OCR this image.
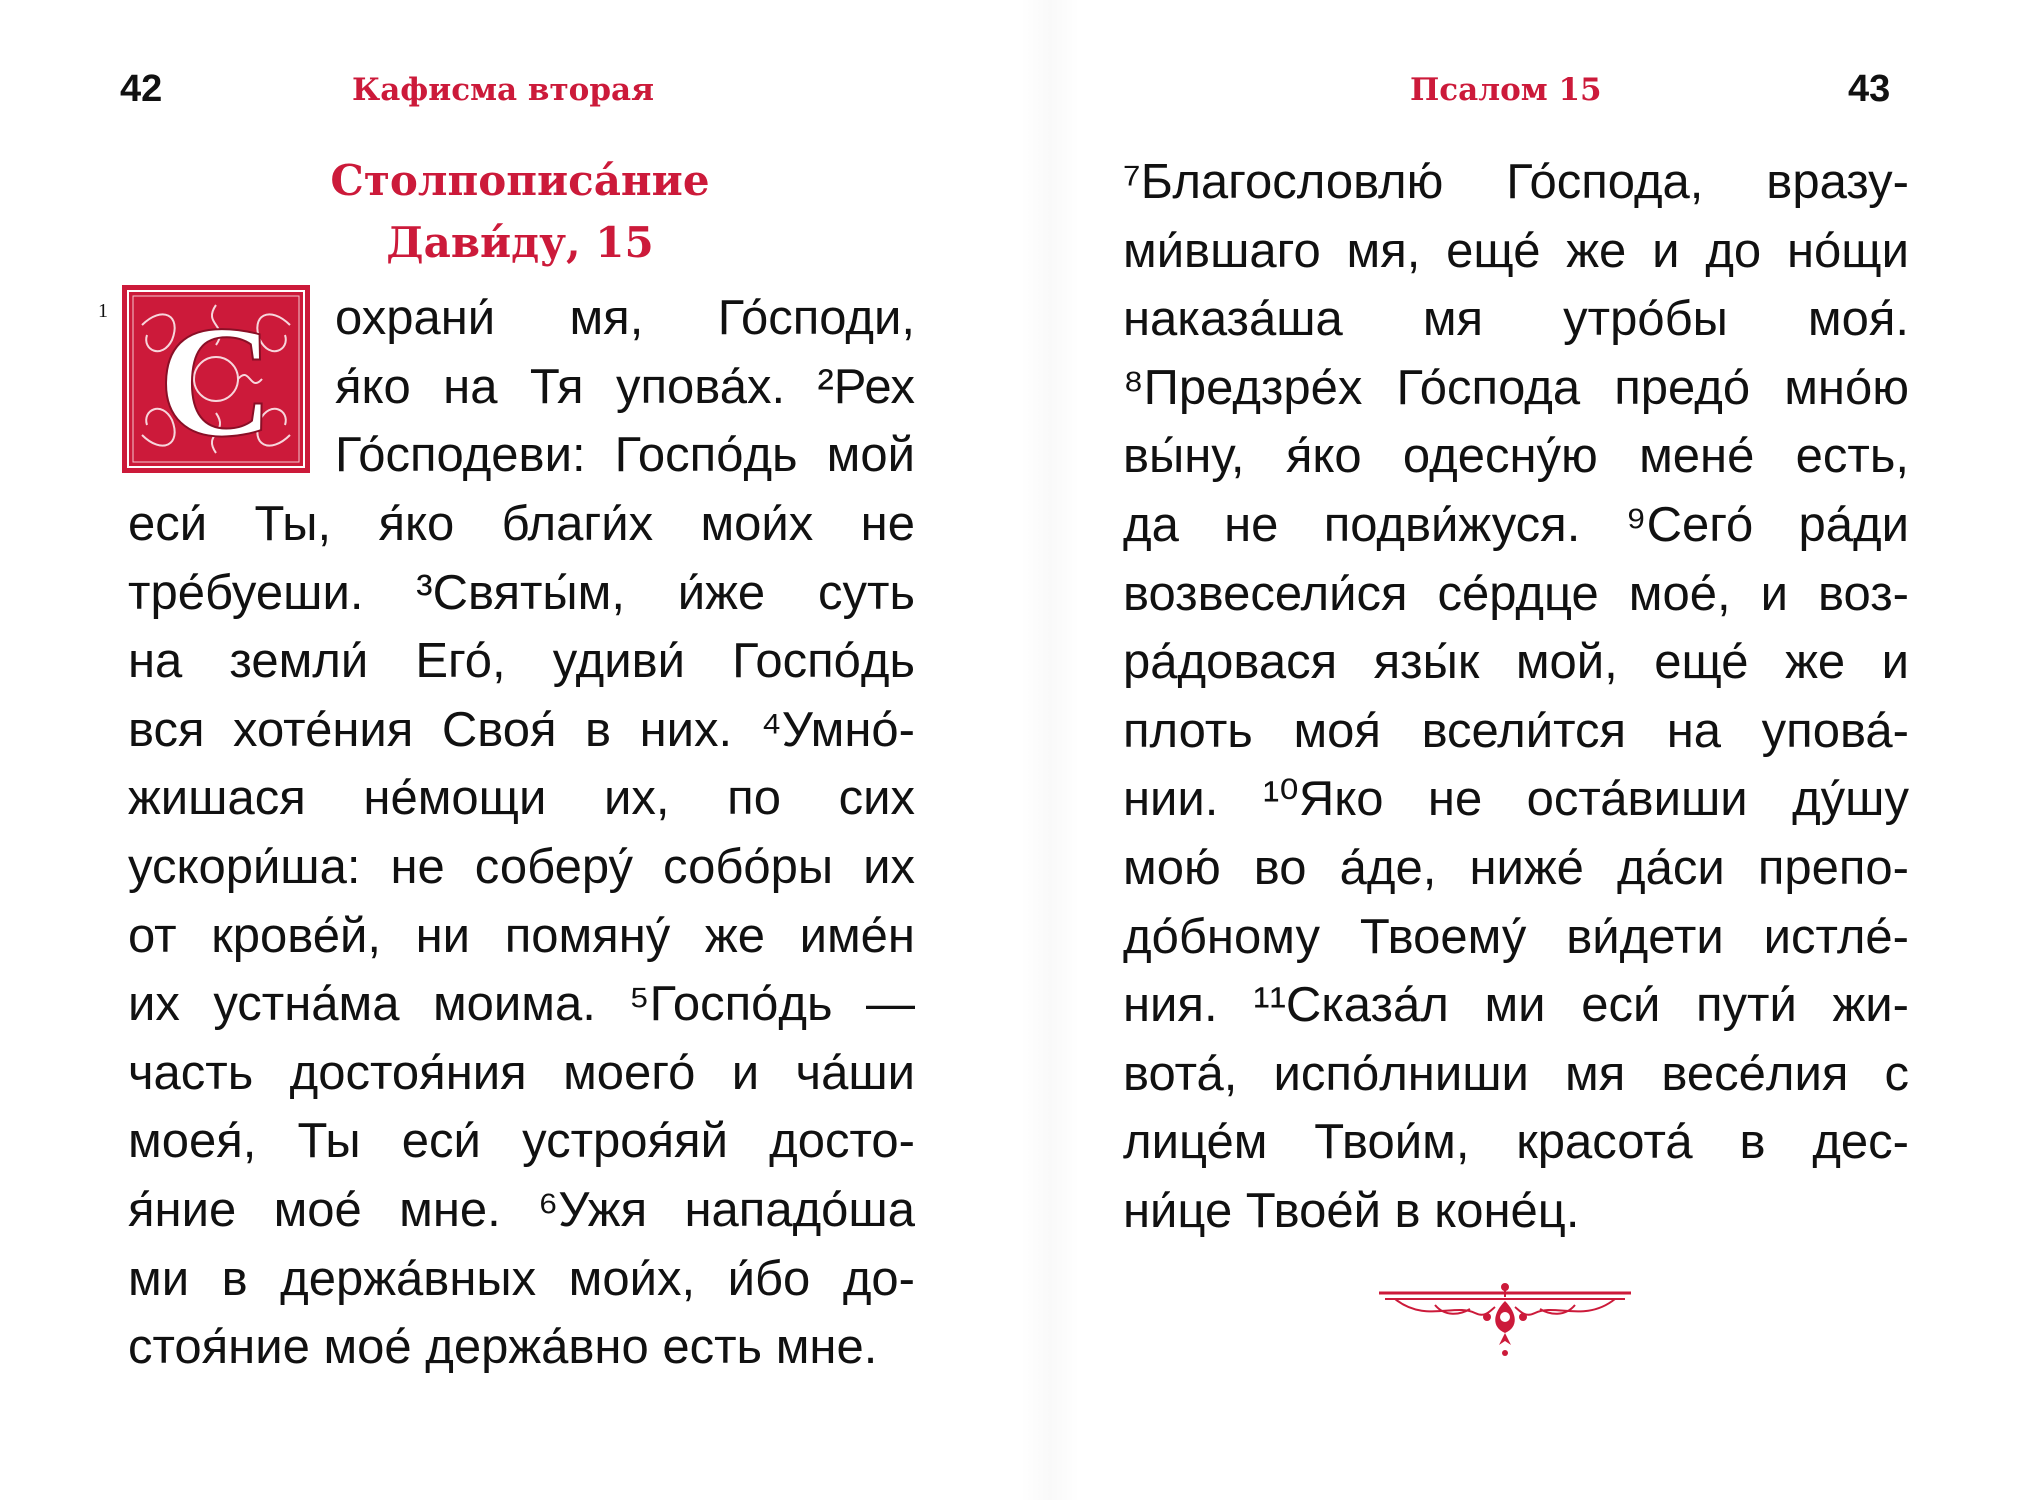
42	Кафисма вторая
Столпописа́ние
Дави́ду, 15
1 С охрани́ мя, Го́споди,
я́ко на Тя упова́х. ²Рех
Го́сподеви: Госпо́дь мой
еси́ Ты, я́ко благи́х мои́х не
тре́буеши. ³Святы́м, и́же суть
на земли́ Его́, удиви́ Госпо́дь
вся хоте́ния Своя́ в них. ⁴Умно́-
жишася не́мощи их, по сих
ускори́ша: не соберу́ собо́ры их
от крове́й, ни помяну́ же име́н
их устна́ма моима. ⁵Госпо́дь —
часть достоя́ния моего́ и ча́ши
моея́, Ты еси́ устроя́яй досто-
я́ние мое́ мне. ⁶Ужя нападо́ша
ми в держа́вных мои́х, и́бо до-
стоя́ние мое́ держа́вно есть мне.
Псалом 15	43
⁷Благословлю́ Го́спода, вразу-
ми́вшаго мя, еще́ же и до но́щи
наказа́ша мя утро́бы моя́.
⁸Предзре́х Го́спода предо́ мно́ю
вы́ну, я́ко одесну́ю мене́ есть,
да не подви́жуся. ⁹Сего́ ра́ди
возвесели́ся се́рдце мое́, и воз-
ра́довася язы́к мой, еще́ же и
плоть моя́ всели́тся на упова́-
нии. ¹⁰Яко не оста́виши ду́шу
мою́ во а́де, ниже́ да́си препо-
до́бному Твоему́ ви́дети истле́-
ния. ¹¹Сказа́л ми еси́ пути́ жи-
вота́, испо́лниши мя весе́лия с
лице́м Твои́м, красота́ в дес-
ни́це Твое́й в коне́ц.
